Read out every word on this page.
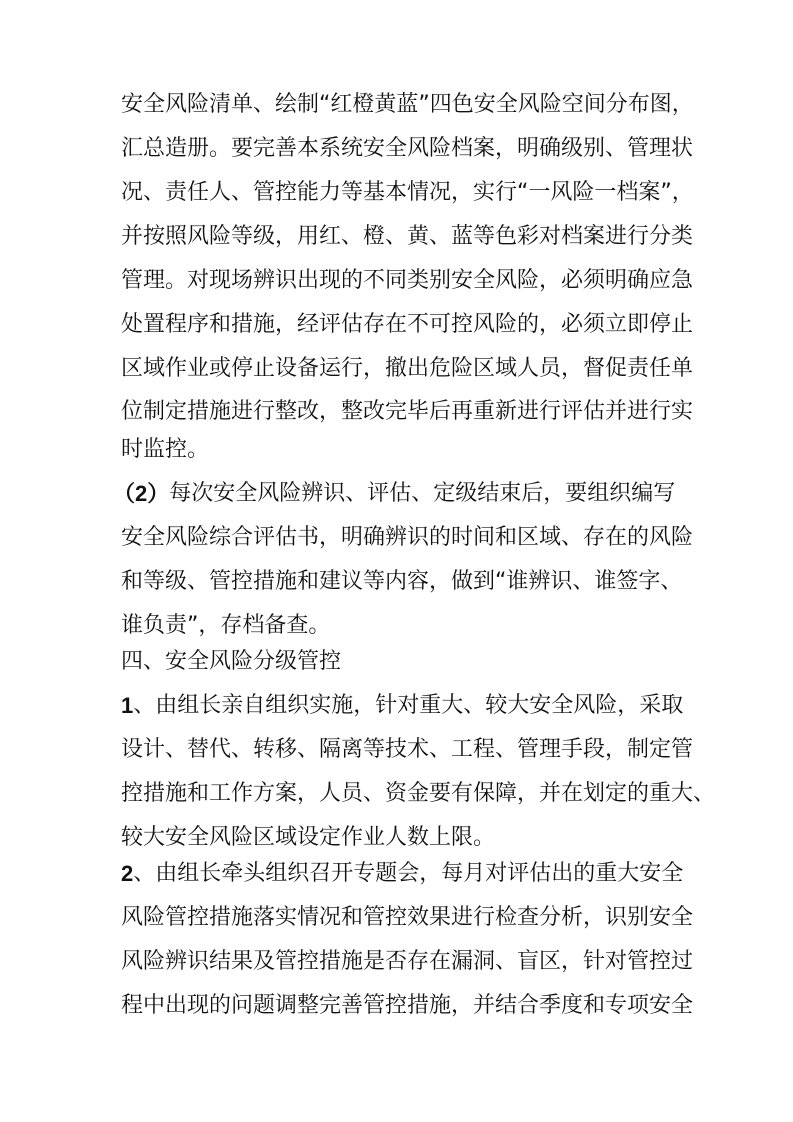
安全风险清单、绘制“红橙黄蓝”四色安全风险空间分布图，
汇总造册。要完善本系统安全风险档案，明确级别、管理状
况、责任人、管控能力等基本情况，实行“一风险一档案”，
并按照风险等级，用红、橙、黄、蓝等色彩对档案进行分类
管理。对现场辨识出现的不同类别安全风险，必须明确应急
处置程序和措施，经评估存在不可控风险的，必须立即停止
区域作业或停止设备运行，撤出危险区域人员，督促责任单
位制定措施进行整改，整改完毕后再重新进行评估并进行实
时监控。
（2） 每次安全风险辨识、评估、定级结束后，要组织编写
安全风险综合评估书，明确辨识的时间和区域、存在的风险
和等级、管控措施和建议等内容，做到“谁辨识、谁签字、
谁负责”，存档备查。
四、安全风险分级管控
1 、由组长亲自组织实施，针对重大、较大安全风险，采取
设计、替代、转移、隔离等技术、工程、管理手段，制定管
控措施和工作方案，人员、资金要有保障，并在划定的重大、
较大安全风险区域设定作业人数上限。
2 、由组长牵头组织召开专题会，每月对评估出的重大安全
风险管控措施落实情况和管控效果进行检查分析，识别安全
风险辨识结果及管控措施是否存在漏洞、盲区，针对管控过
程中出现的问题调整完善管控措施，并结合季度和专项安全
